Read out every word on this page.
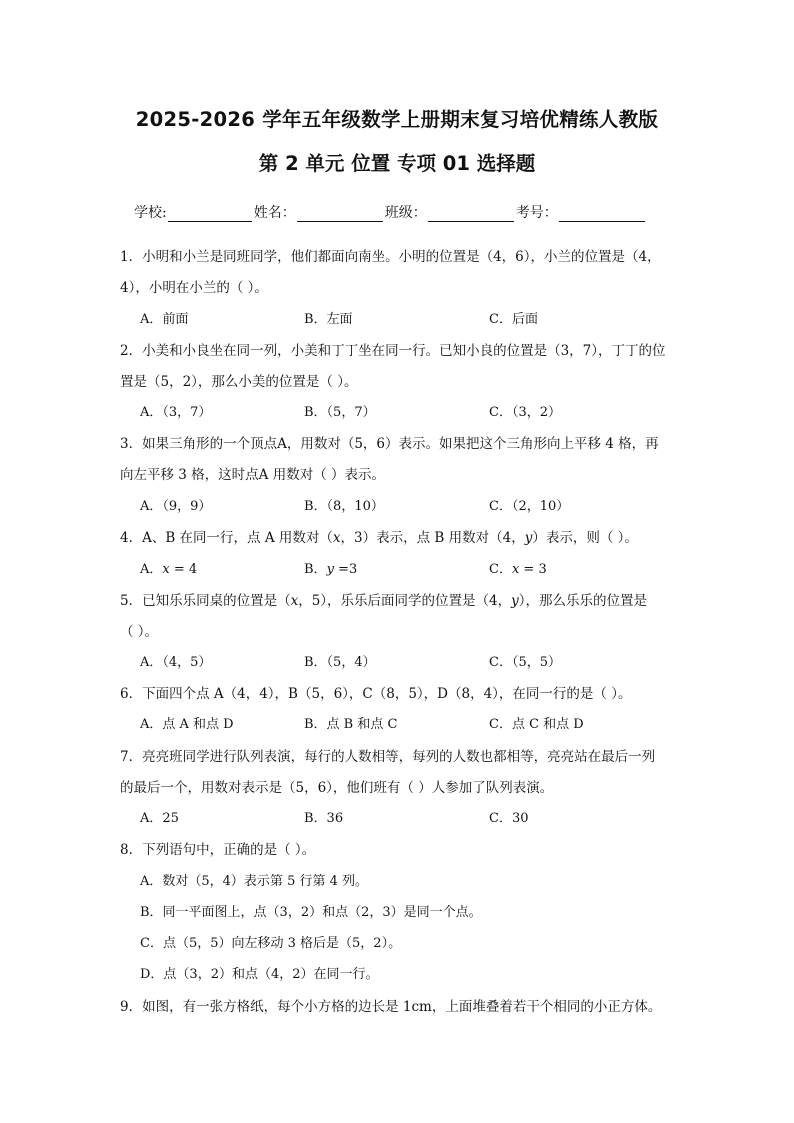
2025-2026 学年五年级数学上册期末复习培优精练人教版
第 2 单元 位置 专项 01 选择题
学校:	姓名：	班级：	考号：
1．小明和小兰是同班同学，他们都面向南坐。小明的位置是（4，6），小兰的位置是（4，
4），小明在小兰的（ ）。
A．前面	B．左面	C．后面
2．小美和小良坐在同一列，小美和丁丁坐在同一行。已知小良的位置是（3，7），丁丁的位
置是（5，2），那么小美的位置是（ ）。
A．（3，7）	B．（5，7）	C．（3，2）
3．如果三角形的一个顶点A，用数对（5，6）表示。如果把这个三角形向上平移 4 格，再
向左平移 3 格，这时点A 用数对（ ）表示。
A．（9，9）	B．（8，10）	C．（2，10）
4．A、B 在同一行，点 A 用数对（x，3）表示，点 B 用数对（4，y）表示，则（ ）。
A．x = 4	B．y =3	C．x = 3
5．已知乐乐同桌的位置是（x，5），乐乐后面同学的位置是（4，y），那么乐乐的位置是
（ ）。
A．（4，5）	B．（5，4）	C．（5，5）
6．下面四个点 A（4，4），B（5，6），C（8，5），D（8，4），在同一行的是（ ）。
A．点 A 和点 D	B．点 B 和点 C	C．点 C 和点 D
7．亮亮班同学进行队列表演，每行的人数相等，每列的人数也都相等，亮亮站在最后一列
的最后一个，用数对表示是（5，6），他们班有（ ）人参加了队列表演。
A．25	B．36	C．30
8．下列语句中，正确的是（ ）。
A．数对（5，4）表示第 5 行第 4 列。
B．同一平面图上，点（3，2）和点（2，3）是同一个点。
C．点（5，5）向左移动 3 格后是（5，2）。
D．点（3，2）和点（4，2）在同一行。
9．如图，有一张方格纸，每个小方格的边长是 1cm，上面堆叠着若干个相同的小正方体。
